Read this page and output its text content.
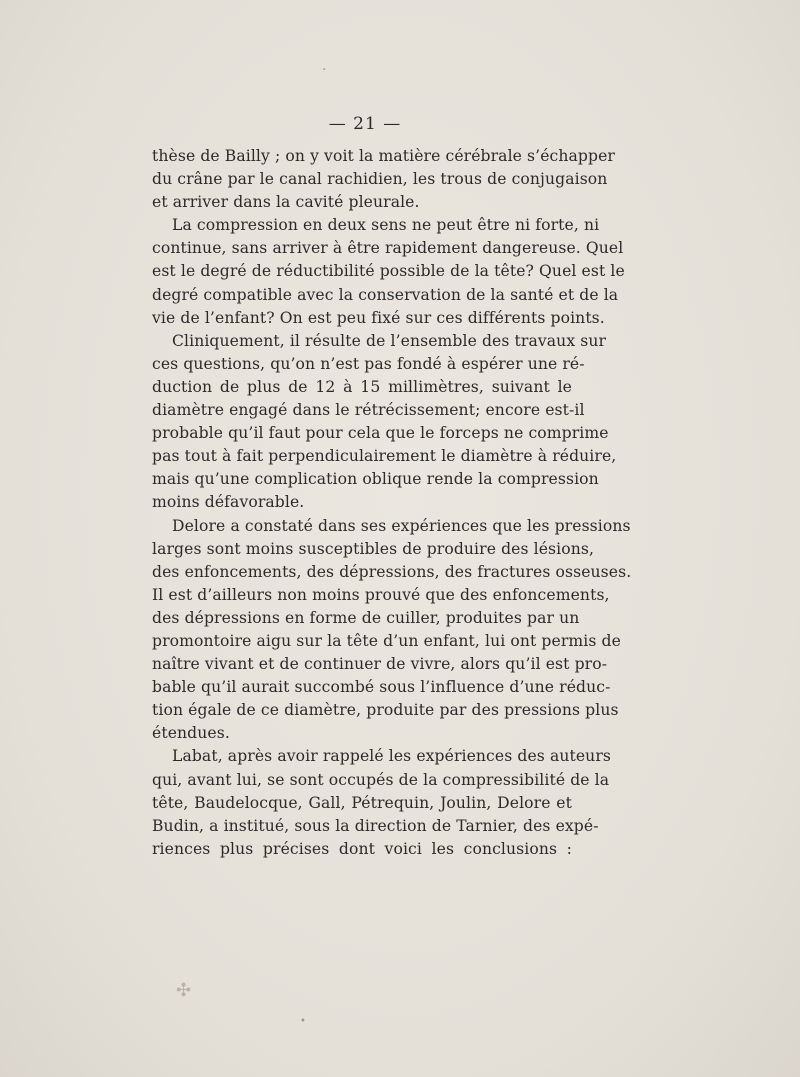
·
✣
•
— 21 —
thèse de Bailly ; on y voit la matière cérébrale s’échapper
du crâne par le canal rachidien, les trous de conjugaison
et arriver dans la cavité pleurale.
La compression en deux sens ne peut être ni forte, ni
continue, sans arriver à être rapidement dangereuse. Quel
est le degré de réductibilité possible de la tête? Quel est le
degré compatible avec la conservation de la santé et de la
vie de l’enfant? On est peu fixé sur ces différents points.
Cliniquement, il résulte de l’ensemble des travaux sur
ces questions, qu’on n’est pas fondé à espérer une ré-
duction de plus de 12 à 15 millimètres, suivant le
diamètre engagé dans le rétrécissement; encore est-il
probable qu’il faut pour cela que le forceps ne comprime
pas tout à fait perpendiculairement le diamètre à réduire,
mais qu’une complication oblique rende la compression
moins défavorable.
Delore a constaté dans ses expériences que les pressions
larges sont moins susceptibles de produire des lésions,
des enfoncements, des dépressions, des fractures osseuses.
Il est d’ailleurs non moins prouvé que des enfoncements,
des dépressions en forme de cuiller, produites par un
promontoire aigu sur la tête d’un enfant, lui ont permis de
naître vivant et de continuer de vivre, alors qu’il est pro-
bable qu’il aurait succombé sous l’influence d’une réduc-
tion égale de ce diamètre, produite par des pressions plus
étendues.
Labat, après avoir rappelé les expériences des auteurs
qui, avant lui, se sont occupés de la compressibilité de la
tête, Baudelocque, Gall, Pétrequin, Joulin, Delore et
Budin, a institué, sous la direction de Tarnier, des expé-
riences plus précises dont voici les conclusions :
